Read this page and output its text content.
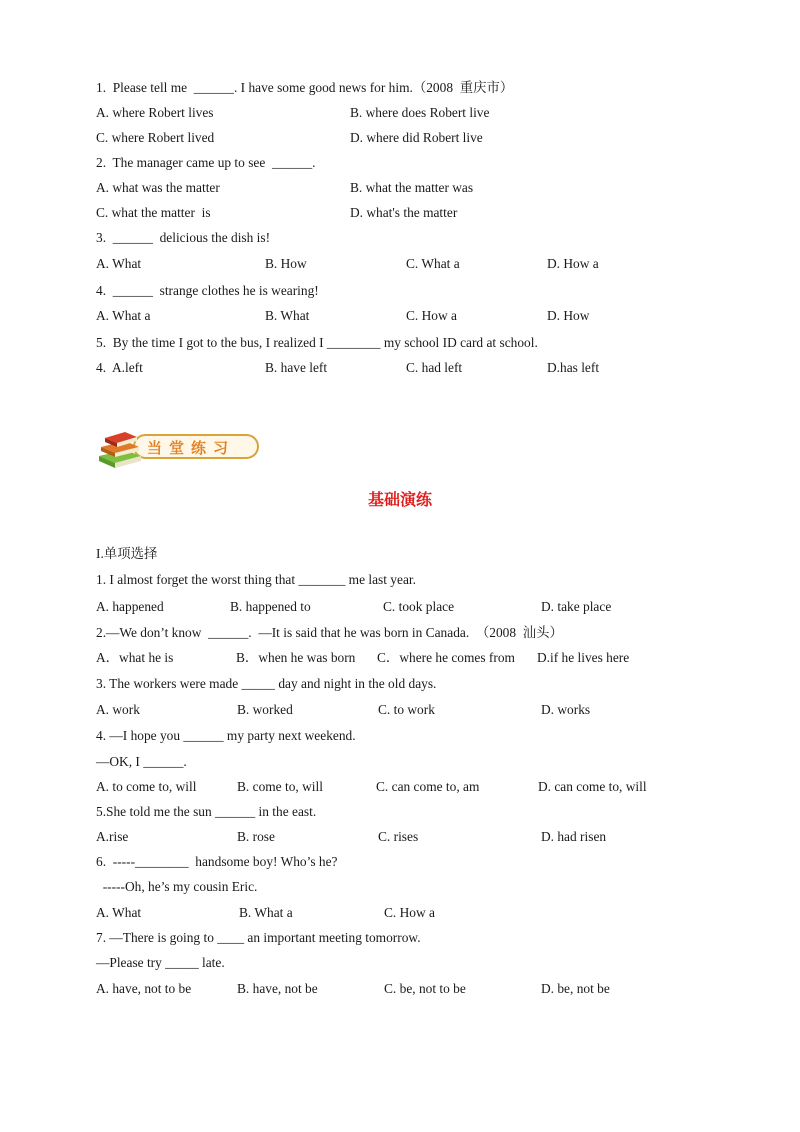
1.  Please tell me  ______. I have some good news for him.（2008  重庆市）
A. where Robert lives	B. where does Robert live
C. where Robert lived	D. where did Robert live
2.  The manager came up to see  ______.
A. what was the matter	B. what the matter was
C. what the matter  is	D. what's the matter
3.  ______  delicious the dish is!
A. What	B. How	C. What a	D. How a
4.  ______  strange clothes he is wearing!
A. What a	B. What	C. How a	D. How
5.  By the time I got to the bus, I realized I ________ my school ID card at school.
4.  A.left	B. have left	C. had left	D.has left
当堂练习
基础演练
I.单项选择
1. I almost forget the worst thing that _______ me last year.
A. happened	B. happened to	C. took place	D. take place
2.—We don’t know  ______.  —It is said that he was born in Canada.  （2008  汕头）
A．what he is	B．when he was born C．where he comes from D.if he lives here
3. The workers were made _____ day and night in the old days.
A. work	B. worked	C. to work	D. works
4. —I hope you ______ my party next weekend.
—OK, I ______.
A. to come to, will	B. come to, will	C. can come to, am	D. can come to, will
5.She told me the sun ______ in the east.
A.rise	B. rose	C. rises	D. had risen
6.  -----________  handsome boy! Who’s he?
-----Oh, he’s my cousin Eric.
A. What	B. What a	C. How a
7. —There is going to ____ an important meeting tomorrow.
—Please try _____ late.
A. have, not to be	B. have, not be	C. be, not to be	D. be, not be
